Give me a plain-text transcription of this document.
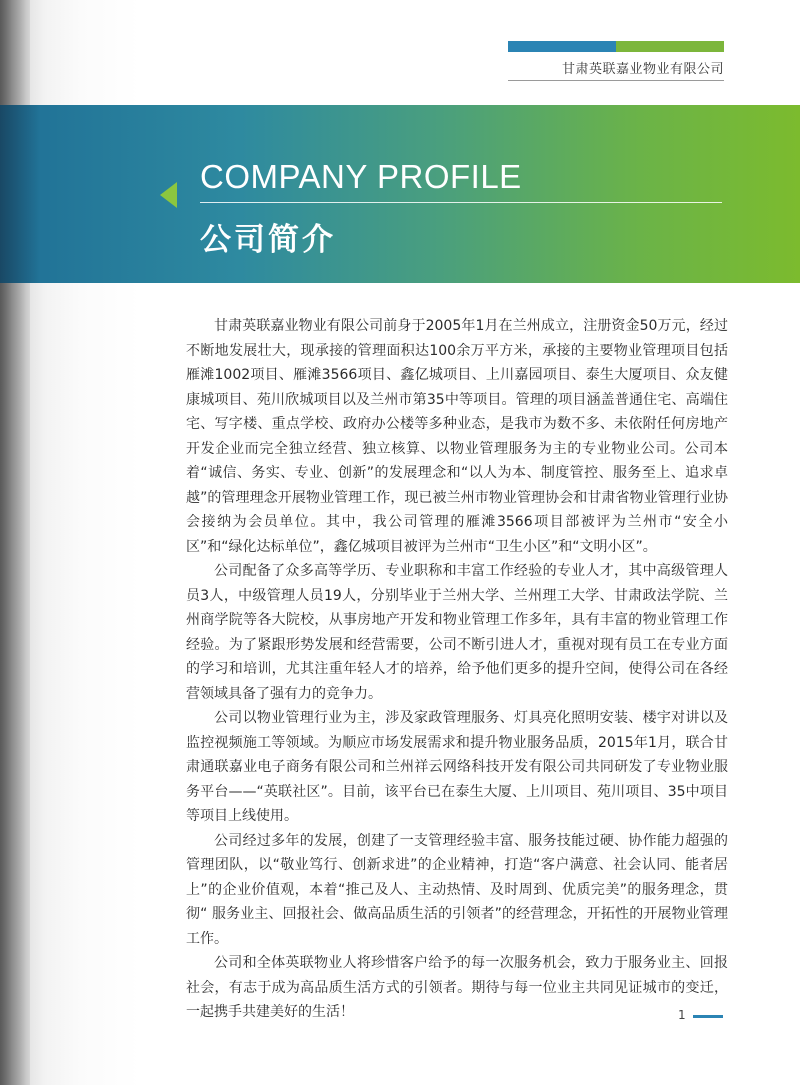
甘肃英联嘉业物业有限公司
COMPANY PROFILE
公司简介

甘肃英联嘉业物业有限公司前身于2005年1月在兰州成立，注册资金50万元，经过不断地发展壮大，现承接的管理面积达100余万平方米，承接的主要物业管理项目包括雁滩1002项目、雁滩3566项目、鑫亿城项目、上川嘉园项目、泰生大厦项目、众友健康城项目、苑川欣城项目以及兰州市第35中等项目。管理的项目涵盖普通住宅、高端住宅、写字楼、重点学校、政府办公楼等多种业态，是我市为数不多、未依附任何房地产开发企业而完全独立经营、独立核算、以物业管理服务为主的专业物业公司。公司本着“诚信、务实、专业、创新”的发展理念和“以人为本、制度管控、服务至上、追求卓越”的管理理念开展物业管理工作，现已被兰州市物业管理协会和甘肃省物业管理行业协会接纳为会员单位。其中，我公司管理的雁滩3566项目部被评为兰州市“安全小区”和“绿化达标单位”，鑫亿城项目被评为兰州市“卫生小区”和“文明小区”。

公司配备了众多高等学历、专业职称和丰富工作经验的专业人才，其中高级管理人员3人，中级管理人员19人，分别毕业于兰州大学、兰州理工大学、甘肃政法学院、兰州商学院等各大院校，从事房地产开发和物业管理工作多年，具有丰富的物业管理工作经验。为了紧跟形势发展和经营需要，公司不断引进人才，重视对现有员工在专业方面的学习和培训，尤其注重年轻人才的培养，给予他们更多的提升空间，使得公司在各经营领域具备了强有力的竞争力。

公司以物业管理行业为主，涉及家政管理服务、灯具亮化照明安装、楼宇对讲以及监控视频施工等领域。为顺应市场发展需求和提升物业服务品质，2015年1月，联合甘肃通联嘉业电子商务有限公司和兰州祥云网络科技开发有限公司共同研发了专业物业服务平台——“英联社区”。目前，该平台已在泰生大厦、上川项目、苑川项目、35中项目等项目上线使用。

公司经过多年的发展，创建了一支管理经验丰富、服务技能过硬、协作能力超强的管理团队，以“敬业笃行、创新求进”的企业精神，打造“客户满意、社会认同、能者居上”的企业价值观，本着“推己及人、主动热情、及时周到、优质完美”的服务理念，贯彻“ 服务业主、回报社会、做高品质生活的引领者”的经营理念，开拓性的开展物业管理工作。

公司和全体英联物业人将珍惜客户给予的每一次服务机会，致力于服务业主、回报社会，有志于成为高品质生活方式的引领者。期待与每一位业主共同见证城市的变迁，一起携手共建美好的生活！	1
